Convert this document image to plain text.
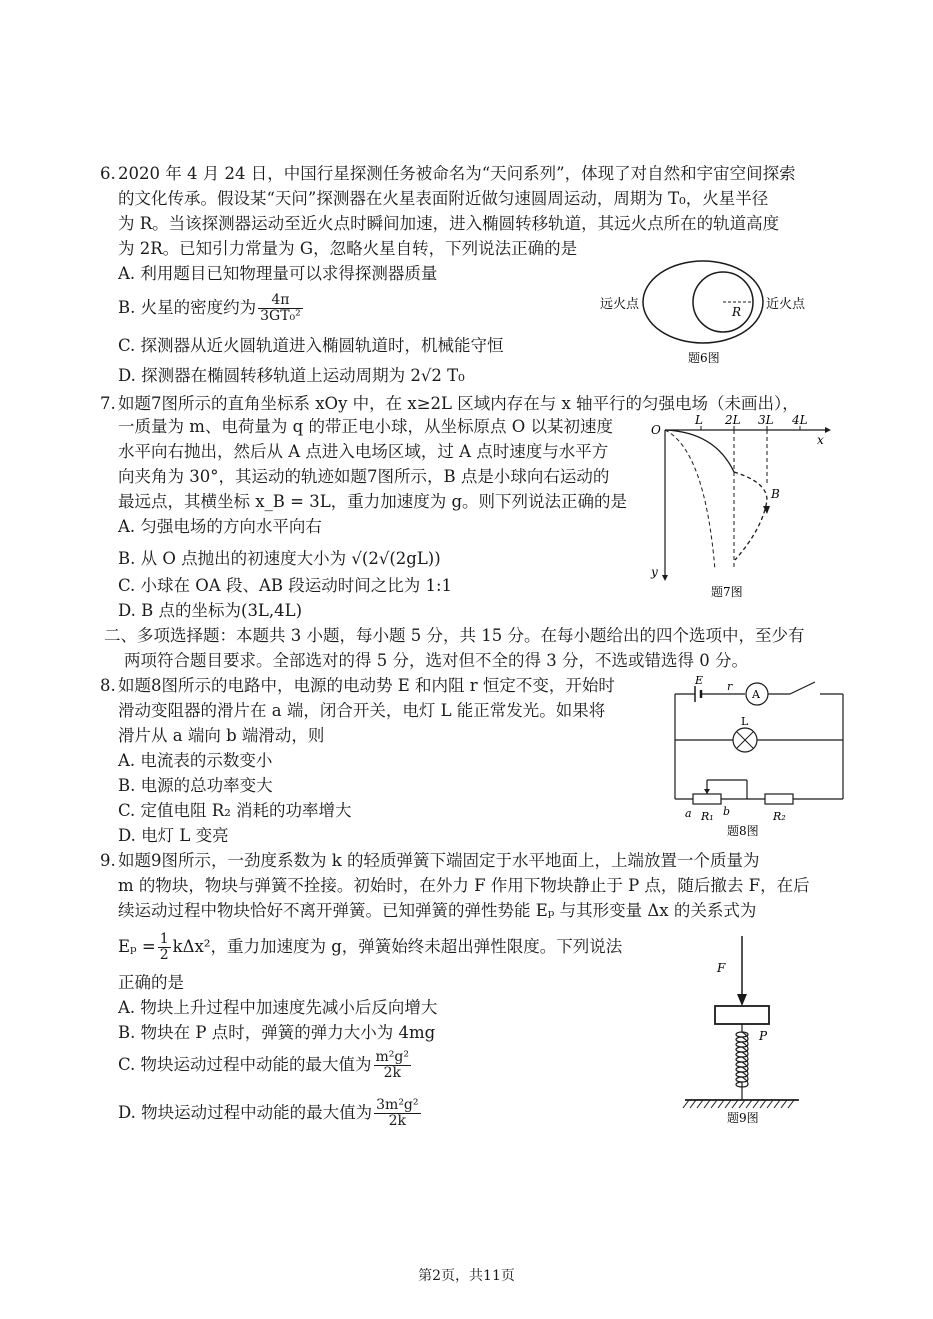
6. 2020 年 4 月 24 日，中国行星探测任务被命名为“天问系列”，体现了对自然和宇宙空间探索
的文化传承。假设某“天问”探测器在火星表面附近做匀速圆周运动，周期为 T₀，火星半径
为 R。当该探测器运动至近火点时瞬间加速，进入椭圆转移轨道，其远火点所在的轨道高度
为 2R。已知引力常量为 G，忽略火星自转，下列说法正确的是
A. 利用题目已知物理量可以求得探测器质量
B. 火星的密度约为 $\frac{4\pi}{\text{3GT₀²}}$
C. 探测器从近火圆轨道进入椭圆轨道时，机械能守恒
D. 探测器在椭圆转移轨道上运动周期为 2√2 T₀
远火点	近火点
R
题6图
7. 如题7图所示的直角坐标系 xOy 中，在 x≥2L 区域内存在与 x 轴平行的匀强电场（未画出），
一质量为 m、电荷量为 q 的带正电小球，从坐标原点 O 以某初速度
水平向右抛出，然后从 A 点进入电场区域，过 A 点时速度与水平方
向夹角为 30°，其运动的轨迹如题7图所示，B 点是小球向右运动的
最远点，其横坐标 x_B = 3L，重力加速度为 g。则下列说法正确的是
A. 匀强电场的方向水平向右
B. 从 O 点抛出的初速度大小为 √(2√(2gL))
C. 小球在 OA 段、AB 段运动时间之比为 1:1
D. B 点的坐标为(3L,4L)
O
L 2L 3L 4L
x
y
B
题7图
二、多项选择题：本题共 3 小题，每小题 5 分，共 15 分。在每小题给出的四个选项中，至少有
两项符合题目要求。全部选对的得 5 分，选对但不全的得 3 分，不选或错选得 0 分。
8. 如题8图所示的电路中，电源的电动势 E 和内阻 r 恒定不变，开始时
滑动变阻器的滑片在 a 端，闭合开关，电灯 L 能正常发光。如果将
滑片从 a 端向 b 端滑动，则
A. 电流表的示数变小
B. 电源的总功率变大
C. 定值电阻 R₂ 消耗的功率增大
D. 电灯 L 变亮
E r
A
L
a	b
R₁	R₂
题8图
9. 如题9图所示，一劲度系数为 k 的轻质弹簧下端固定于水平地面上，上端放置一个质量为
m 的物块，物块与弹簧不拴接。初始时，在外力 F 作用下物块静止于 P 点，随后撤去 F，在后
续运动过程中物块恰好不离开弹簧。已知弹簧的弹性势能 Eₚ 与其形变量 Δx 的关系式为
$E_p = \frac{1}{2} k\Delta x^2$，重力加速度为 g，弹簧始终未超出弹性限度。下列说法
正确的是
A. 物块上升过程中加速度先减小后反向增大
B. 物块在 P 点时，弹簧的弹力大小为 4mg
C. 物块运动过程中动能的最大值为 $\frac{\text{m²g²}}{2k}$
D. 物块运动过程中动能的最大值为 $\frac{\text{3m²g²}}{2k}$
F
P
题9图
第2页，共11页
